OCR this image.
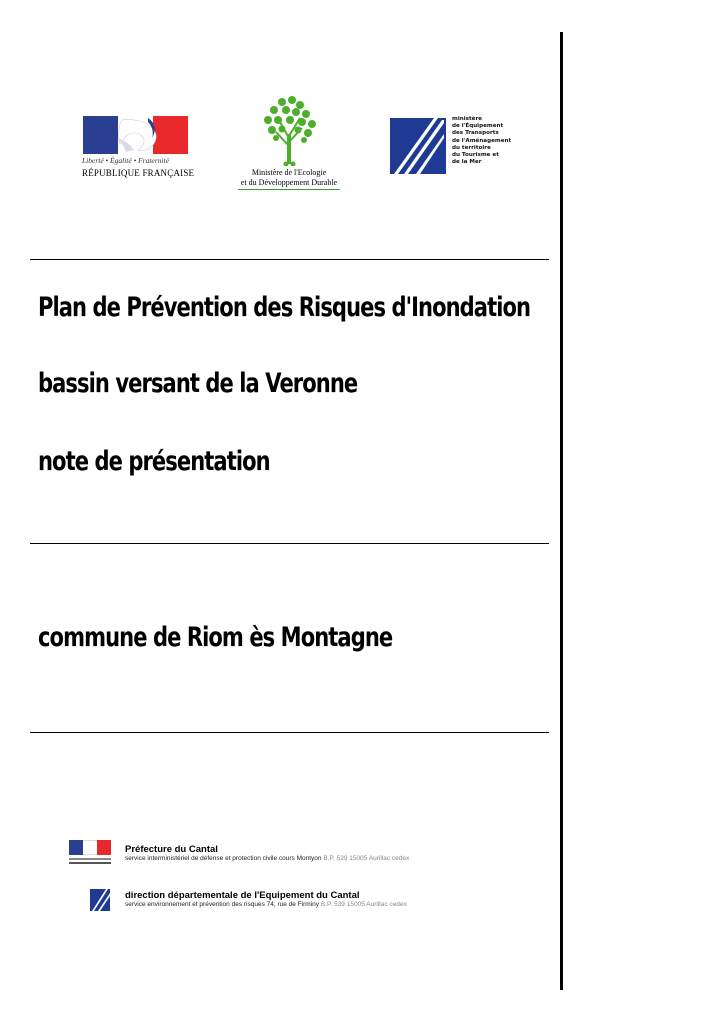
Liberté • Égalité • Fraternité
RÉPUBLIQUE FRANÇAISE	Ministère de l'Ecologie
et du Développement Durable
ministère
de l'Équipement
des Transports
de l'Aménagement
du territoire
du Tourisme et
de la Mer
Plan de Prévention des Risques d'Inondation
bassin versant de la Veronne
note de présentation
commune de Riom ès Montagne
Préfecture du Cantal
service interministériel de défense et protection civile cours Montyon B.P. 529 15005 Aurillac cedex
direction départementale de l'Equipement du Cantal
service environnement et prévention des risques 74, rue de Firminy B.P. 539 15005 Aurillac cedex
